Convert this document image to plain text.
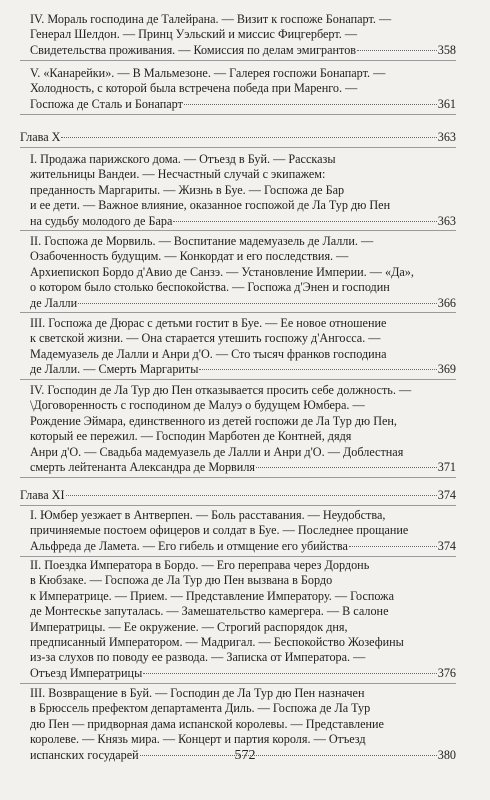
IV. Мораль господина де Талейрана. — Визит к госпоже Бонапарт. —
Генерал Шелдон. — Принц Уэльский и миссис Фицгерберт. —
Свидетельства проживания. — Комиссия по делам эмигрантов	358
V. «Канарейки». — В Мальмезоне. — Галерея госпожи Бонапарт. —
Холодность, с которой была встречена победа при Маренго. —
Госпожа де Сталь и Бонапарт	361
Глава X	363
I. Продажа парижского дома. — Отъезд в Буй. — Рассказы
жительницы Вандеи. — Несчастный случай с экипажем:
преданность Маргариты. — Жизнь в Буе. — Госпожа де Бар
и ее дети. — Важное влияние, оказанное госпожой де Ла Тур дю Пен
на судьбу молодого де Бара	363
II. Госпожа де Морвиль. — Воспитание мадемуазель де Лалли. —
Озабоченность будущим. — Конкордат и его последствия. —
Архиепископ Бордо д'Авио де Санзэ. — Установление Империи. — «Да»,
о котором было столько беспокойства. — Госпожа д'Энен и господин
де Лалли	366
III. Госпожа де Дюрас с детьми гостит в Буе. — Ее новое отношение
к светской жизни. — Она старается утешить госпожу д'Ангосса. —
Мадемуазель де Лалли и Анри д'О. — Сто тысяч франков господина
де Лалли. — Смерть Маргариты	369
IV. Господин де Ла Тур дю Пен отказывается просить себе должность. —
\Договоренность с господином де Малуэ о будущем Юмбера. —
Рождение Эймара, единственного из детей госпожи де Ла Тур дю Пен,
который ее пережил. — Господин Марботен де Контней, дядя
Анри д'О. — Свадьба мадемуазель де Лалли и Анри д'О. — Доблестная
смерть лейтенанта Александра де Морвиля	371
Глава XI	374
I. Юмбер уезжает в Антверпен. — Боль расставания. — Неудобства,
причиняемые постоем офицеров и солдат в Буе. — Последнее прощание
Альфреда де Ламета. — Его гибель и отмщение его убийства	374
II. Поездка Императора в Бордо. — Его переправа через Дордонь
в Кюбзаке. — Госпожа де Ла Тур дю Пен вызвана в Бордо
к Императрице. — Прием. — Представление Императору. — Госпожа
де Монтескье запуталась. — Замешательство камергера. — В салоне
Императрицы. — Ее окружение. — Строгий распорядок дня,
предписанный Императором. — Мадригал. — Беспокойство Жозефины
из-за слухов по поводу ее развода. — Записка от Императора. —
Отъезд Императрицы	376
III. Возвращение в Буй. — Господин де Ла Тур дю Пен назначен
в Брюссель префектом департамента Диль. — Госпожа де Ла Тур
дю Пен — придворная дама испанской королевы. — Представление
королеве. — Князь мира. — Концерт и партия короля. — Отъезд
испанских государей	380
572
